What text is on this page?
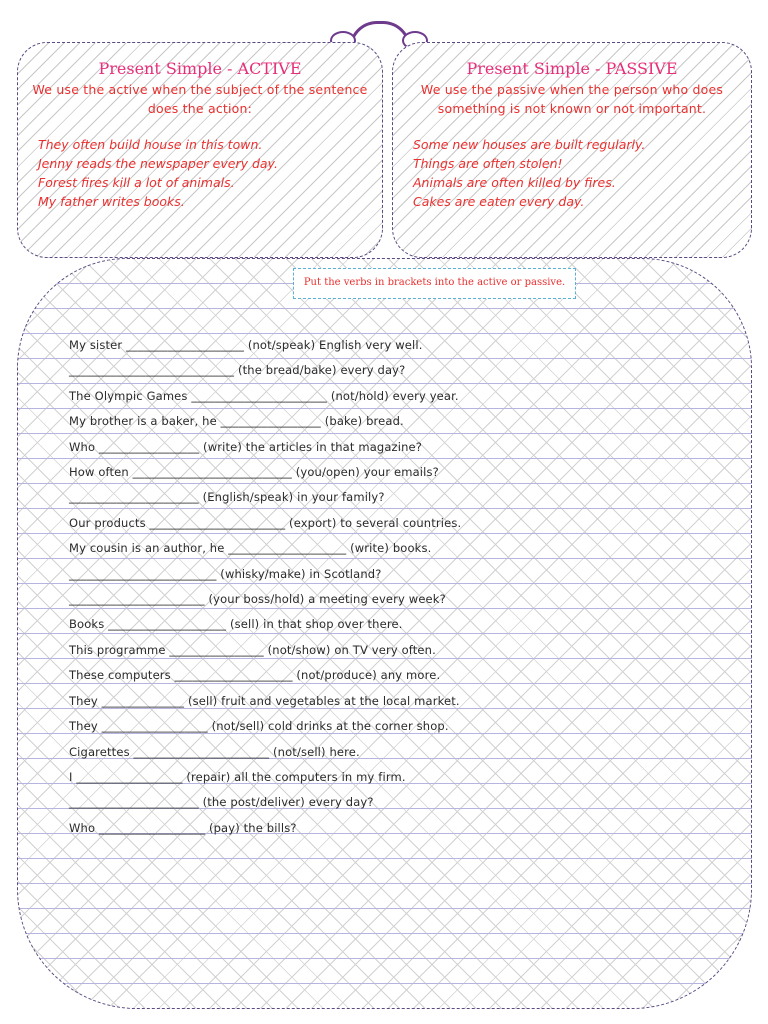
Present Simple - ACTIVE
We use the active when the subject of the sentence does the action:
They often build house in this town.
Jenny reads the newspaper every day.
Forest fires kill a lot of animals.
My father writes books.
Present Simple - PASSIVE
We use the passive when the person who does something is not known or not important.
Some new houses are built regularly.
Things are often stolen!
Animals are often killed by fires.
Cakes are eaten every day.
Put the verbs in brackets into the active or passive.
My sister ____________________ (not/speak) English very well.
____________________________ (the bread/bake) every day?
The Olympic Games _______________________ (not/hold) every year.
My brother is a baker, he _________________ (bake) bread.
Who _________________ (write) the articles in that magazine?
How often ___________________________ (you/open) your emails?
______________________ (English/speak) in your family?
Our products _______________________ (export) to several countries.
My cousin is an author, he ____________________ (write) books.
_________________________ (whisky/make) in Scotland?
_______________________ (your boss/hold) a meeting every week?
Books ____________________ (sell) in that shop over there.
This programme ________________ (not/show) on TV very often.
These computers ____________________ (not/produce) any more.
They ______________ (sell) fruit and vegetables at the local market.
They __________________ (not/sell) cold drinks at the corner shop.
Cigarettes _______________________ (not/sell) here.
I __________________ (repair) all the computers in my firm.
______________________ (the post/deliver) every day?
Who __________________ (pay) the bills?
